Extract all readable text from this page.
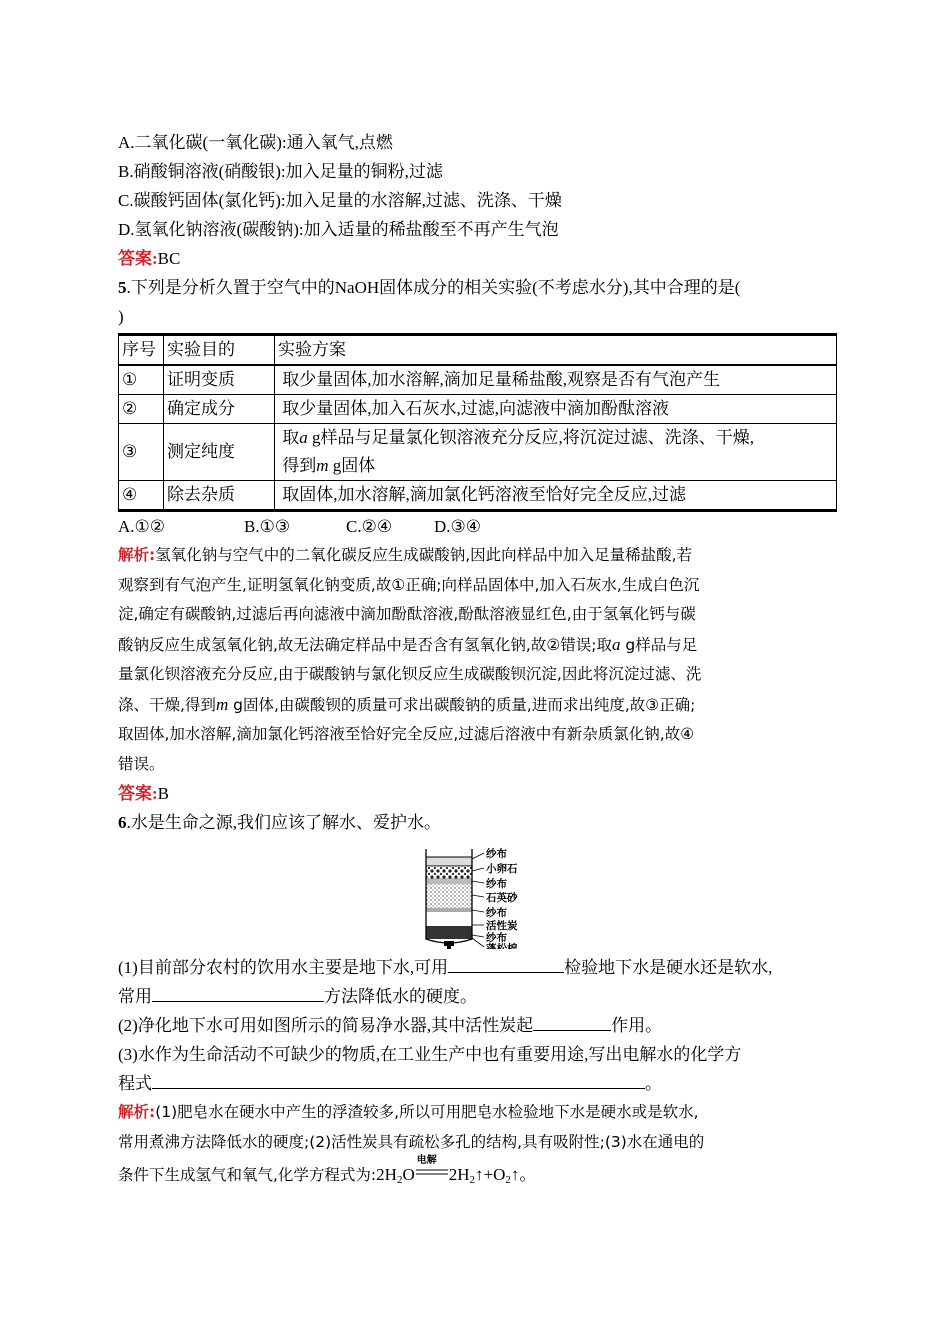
A.二氧化碳(一氧化碳):通入氧气,点燃
B.硝酸铜溶液(硝酸银):加入足量的铜粉,过滤
C.碳酸钙固体(氯化钙):加入足量的水溶解,过滤、洗涤、干燥
D.氢氧化钠溶液(碳酸钠):加入适量的稀盐酸至不再产生气泡
答案:BC
5.下列是分析久置于空气中的NaOH固体成分的相关实验(不考虑水分),其中合理的是(
)
序号	实验目的	实验方案
①	证明变质	取少量固体,加水溶解,滴加足量稀盐酸,观察是否有气泡产生
②	确定成分	取少量固体,加入石灰水,过滤,向滤液中滴加酚酞溶液
③	测定纯度	取a g样品与足量氯化钡溶液充分反应,将沉淀过滤、洗涤、干燥,
得到m g固体

④	除去杂质	取固体,加水溶解,滴加氯化钙溶液至恰好完全反应,过滤
A.①②	B.①③	C.②④ D.③④
解析:氢氧化钠与空气中的二氧化碳反应生成碳酸钠,因此向样品中加入足量稀盐酸,若
观察到有气泡产生,证明氢氧化钠变质,故①正确;向样品固体中,加入石灰水,生成白色沉
淀,确定有碳酸钠,过滤后再向滤液中滴加酚酞溶液,酚酞溶液显红色,由于氢氧化钙与碳
酸钠反应生成氢氧化钠,故无法确定样品中是否含有氢氧化钠,故②错误;取a g样品与足
量氯化钡溶液充分反应,由于碳酸钠与氯化钡反应生成碳酸钡沉淀,因此将沉淀过滤、洗
涤、干燥,得到m g固体,由碳酸钡的质量可求出碳酸钠的质量,进而求出纯度,故③正确;
取固体,加水溶解,滴加氯化钙溶液至恰好完全反应,过滤后溶液中有新杂质氯化钠,故④
错误。
答案:B
6.水是生命之源,我们应该了解水、爱护水。
纱布
小卵石
纱布
石英砂
纱布
活性炭
纱布
蓬松棉
(1)目前部分农村的饮用水主要是地下水,可用	检验地下水是硬水还是软水,
常用	方法降低水的硬度。
(2)净化地下水可用如图所示的简易净水器,其中活性炭起	作用。
(3)水作为生命活动不可缺少的物质,在工业生产中也有重要用途,写出电解水的化学方
程式	。
解析:(1)肥皂水在硬水中产生的浮渣较多,所以可用肥皂水检验地下水是硬水或是软水,
常用煮沸方法降低水的硬度;(2)活性炭具有疏松多孔的结构,具有吸附性;(3)水在通电的
条件下生成氢气和氧气,化学方程式为$:2H_2O$
电解
$2H_2↑+O_2↑$。
